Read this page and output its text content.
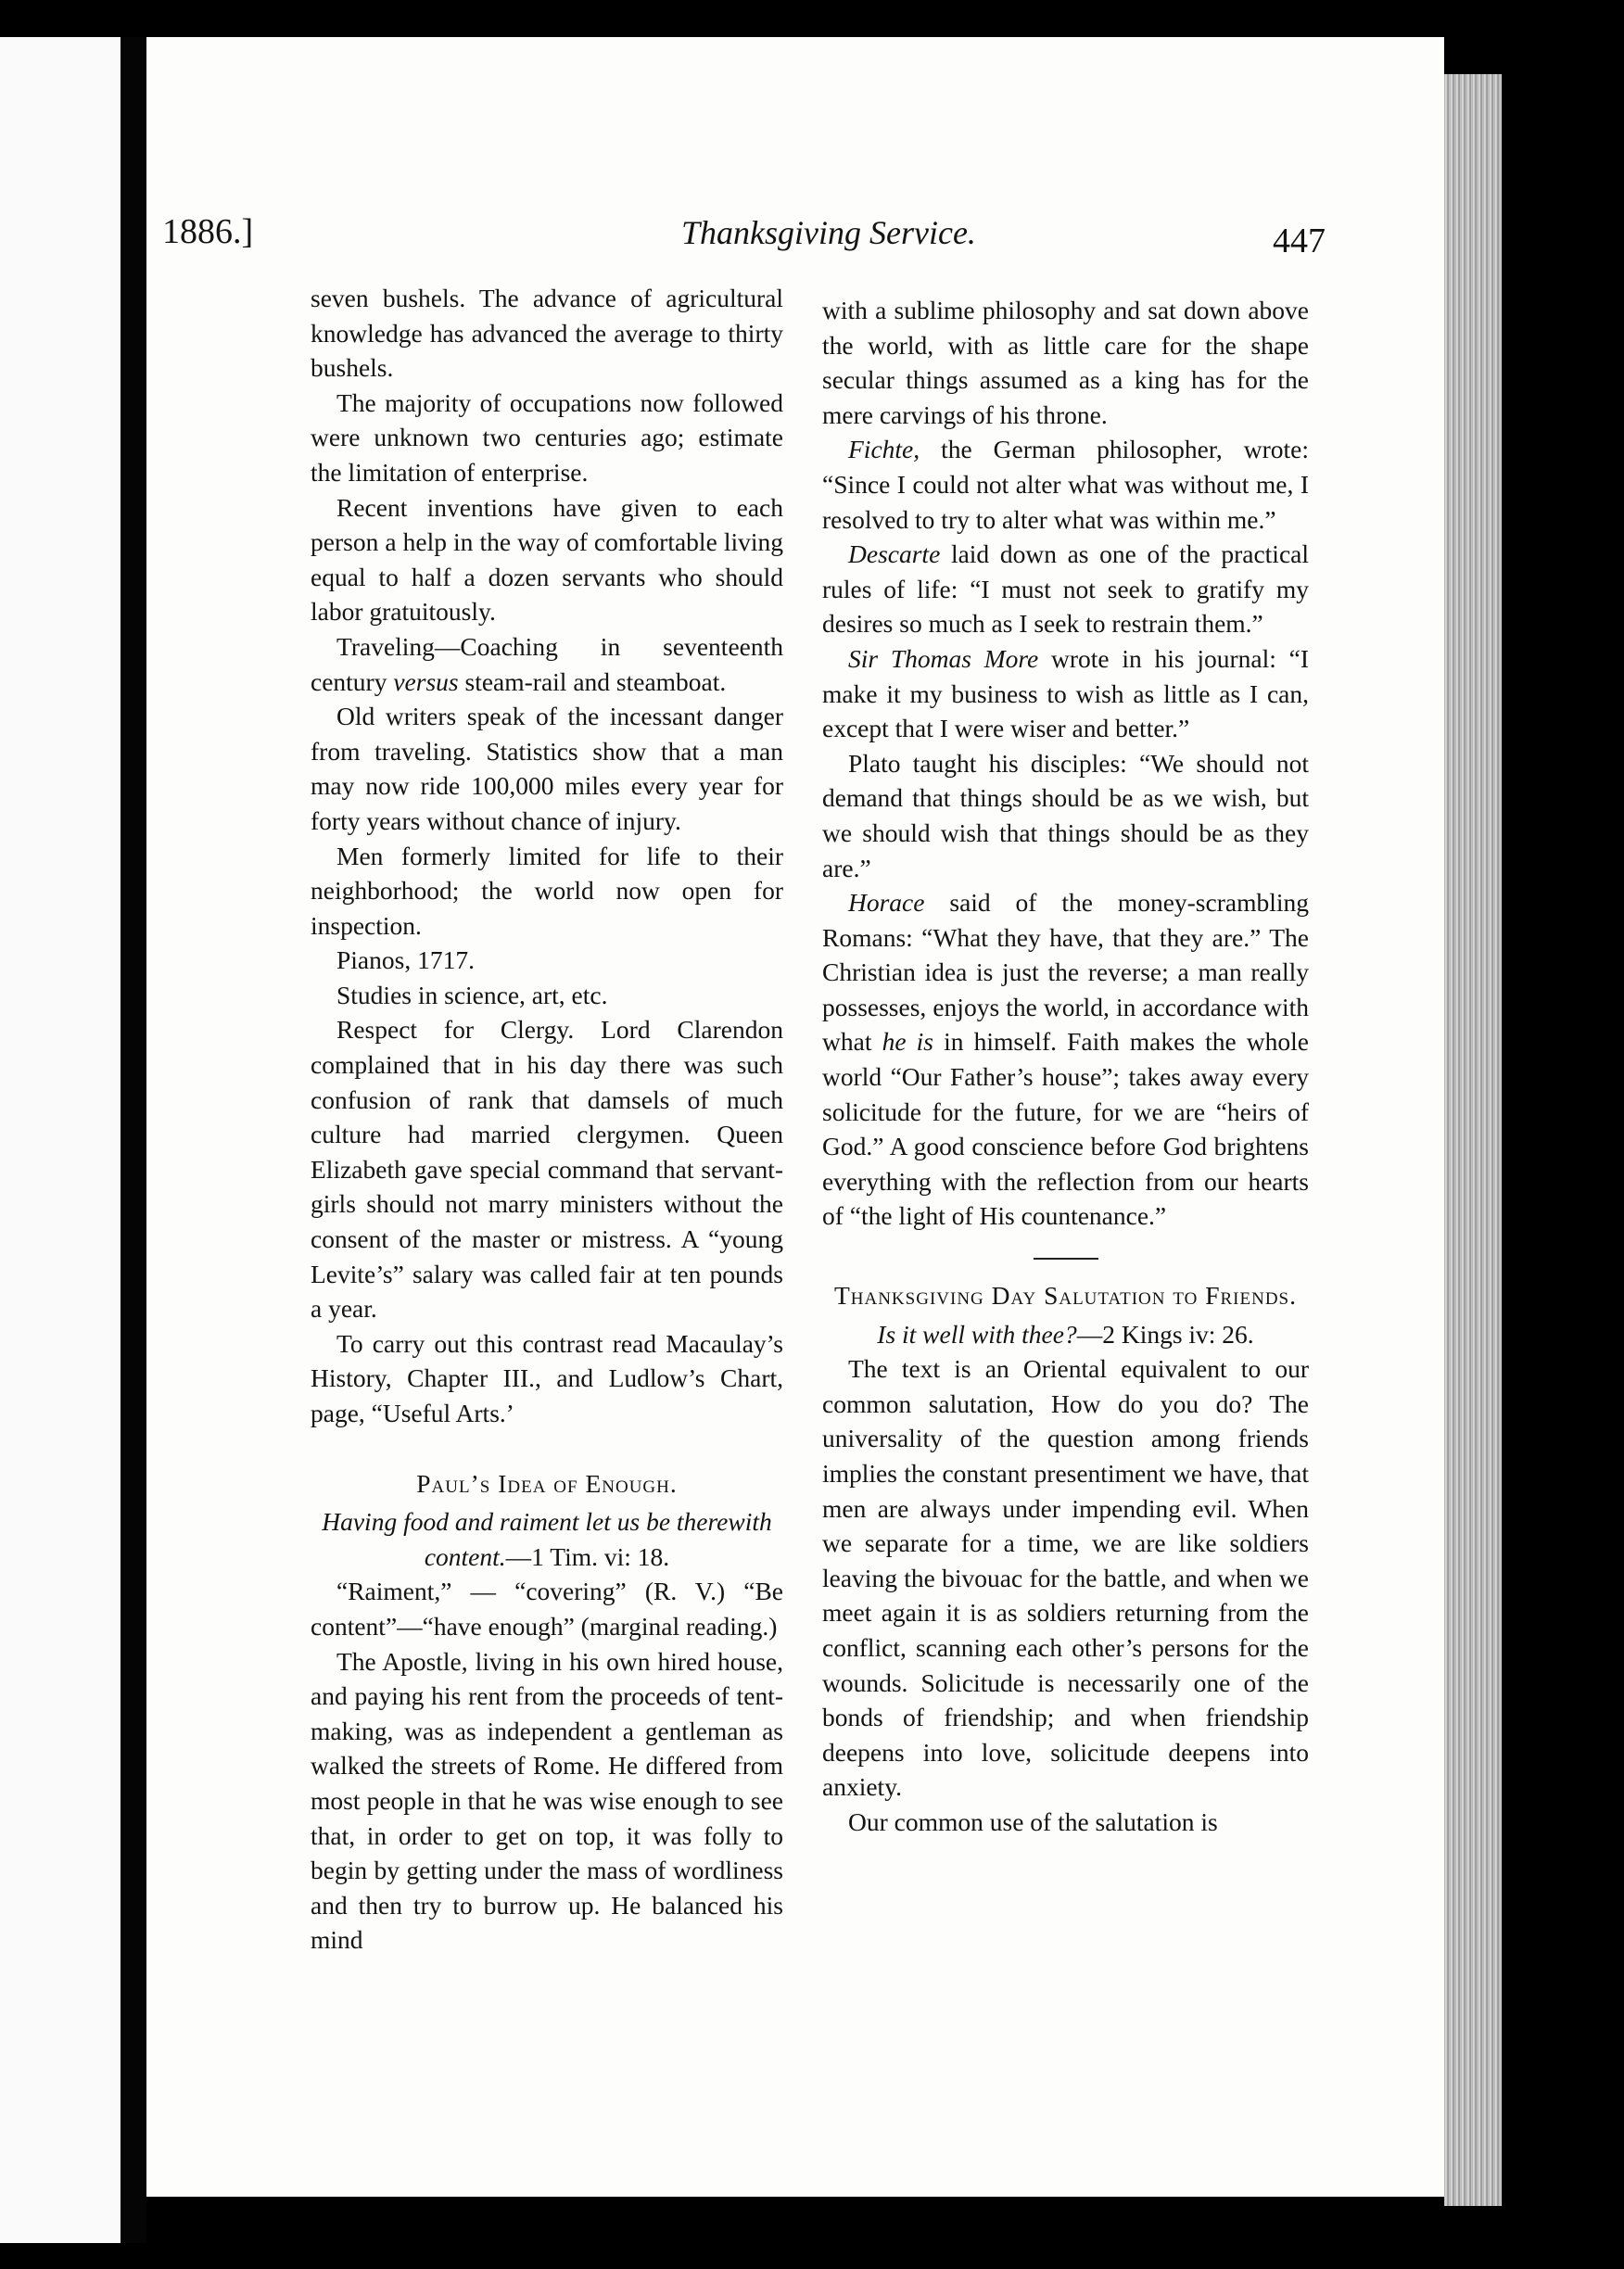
1886.]	Thanksgiving Service.	447

seven bushels. The advance of agricultural knowledge has advanced the average to thirty bushels.

The majority of occupations now followed were unknown two centuries ago; estimate the limitation of enterprise.

Recent inventions have given to each person a help in the way of comfortable living equal to half a dozen servants who should labor gratuitously.

Traveling—Coaching in seventeenth century versus steam-rail and steamboat.

Old writers speak of the incessant danger from traveling. Statistics show that a man may now ride 100,000 miles every year for forty years without chance of injury.

Men formerly limited for life to their neighborhood; the world now open for inspection.

Pianos, 1717.

Studies in science, art, etc.

Respect for Clergy. Lord Clarendon complained that in his day there was such confusion of rank that damsels of much culture had married clergymen. Queen Elizabeth gave special command that servant-girls should not marry ministers without the consent of the master or mistress. A “young Levite’s” salary was called fair at ten pounds a year.

To carry out this contrast read Macaulay’s History, Chapter III., and Ludlow’s Chart, page, “Useful Arts.’

Paul’s Idea of Enough.

Having food and raiment let us be therewith content.—1 Tim. vi: 18.

“Raiment,” — “covering” (R. V.) “Be content”—“have enough” (marginal reading.)

The Apostle, living in his own hired house, and paying his rent from the proceeds of tent-making, was as independent a gentleman as walked the streets of Rome. He differed from most people in that he was wise enough to see that, in order to get on top, it was folly to begin by getting under the mass of wordliness and then try to burrow up. He balanced his mind

with a sublime philosophy and sat down above the world, with as little care for the shape secular things assumed as a king has for the mere carvings of his throne.

Fichte, the German philosopher, wrote: “Since I could not alter what was without me, I resolved to try to alter what was within me.”

Descarte laid down as one of the practical rules of life: “I must not seek to gratify my desires so much as I seek to restrain them.”

Sir Thomas More wrote in his journal: “I make it my business to wish as little as I can, except that I were wiser and better.”

Plato taught his disciples: “We should not demand that things should be as we wish, but we should wish that things should be as they are.”

Horace said of the money-scrambling Romans: “What they have, that they are.” The Christian idea is just the reverse; a man really possesses, enjoys the world, in accordance with what he is in himself. Faith makes the whole world “Our Father’s house”; takes away every solicitude for the future, for we are “heirs of God.” A good conscience before God brightens everything with the reflection from our hearts of “the light of His countenance.”

Thanksgiving Day Salutation to Friends.

Is it well with thee?—2 Kings iv: 26.

The text is an Oriental equivalent to our common salutation, How do you do? The universality of the question among friends implies the constant presentiment we have, that men are always under impending evil. When we separate for a time, we are like soldiers leaving the bivouac for the battle, and when we meet again it is as soldiers returning from the conflict, scanning each other’s persons for the wounds. Solicitude is necessarily one of the bonds of friendship; and when friendship deepens into love, solicitude deepens into anxiety.

Our common use of the salutation is
